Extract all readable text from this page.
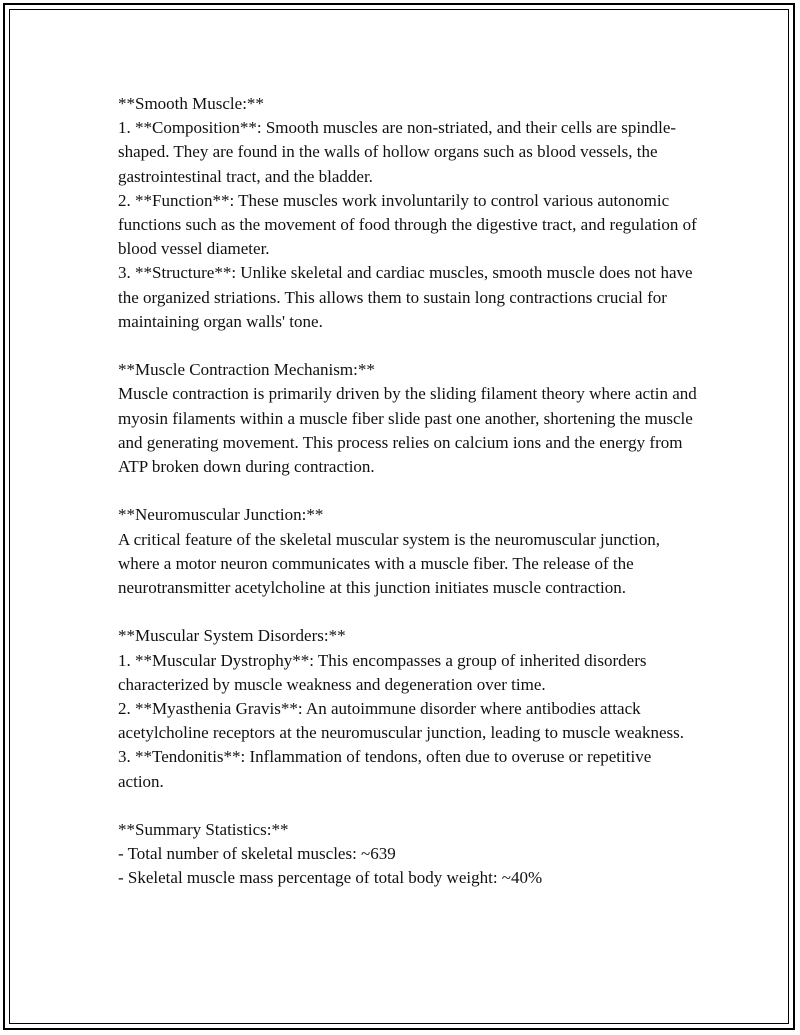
**Smooth Muscle:**

1. **Composition**: Smooth muscles are non-striated, and their cells are spindle-shaped. They are found in the walls of hollow organs such as blood vessels, the gastrointestinal tract, and the bladder.

2. **Function**: These muscles work involuntarily to control various autonomic functions such as the movement of food through the digestive tract, and regulation of blood vessel diameter.

3. **Structure**: Unlike skeletal and cardiac muscles, smooth muscle does not have the organized striations. This allows them to sustain long contractions crucial for maintaining organ walls' tone.

**Muscle Contraction Mechanism:**

Muscle contraction is primarily driven by the sliding filament theory where actin and myosin filaments within a muscle fiber slide past one another, shortening the muscle and generating movement. This process relies on calcium ions and the energy from ATP broken down during contraction.

**Neuromuscular Junction:**

A critical feature of the skeletal muscular system is the neuromuscular junction, where a motor neuron communicates with a muscle fiber. The release of the neurotransmitter acetylcholine at this junction initiates muscle contraction.

**Muscular System Disorders:**

1. **Muscular Dystrophy**: This encompasses a group of inherited disorders characterized by muscle weakness and degeneration over time.

2. **Myasthenia Gravis**: An autoimmune disorder where antibodies attack acetylcholine receptors at the neuromuscular junction, leading to muscle weakness.

3. **Tendonitis**: Inflammation of tendons, often due to overuse or repetitive action.

**Summary Statistics:**

- Total number of skeletal muscles: ~639

- Skeletal muscle mass percentage of total body weight: ~40%
